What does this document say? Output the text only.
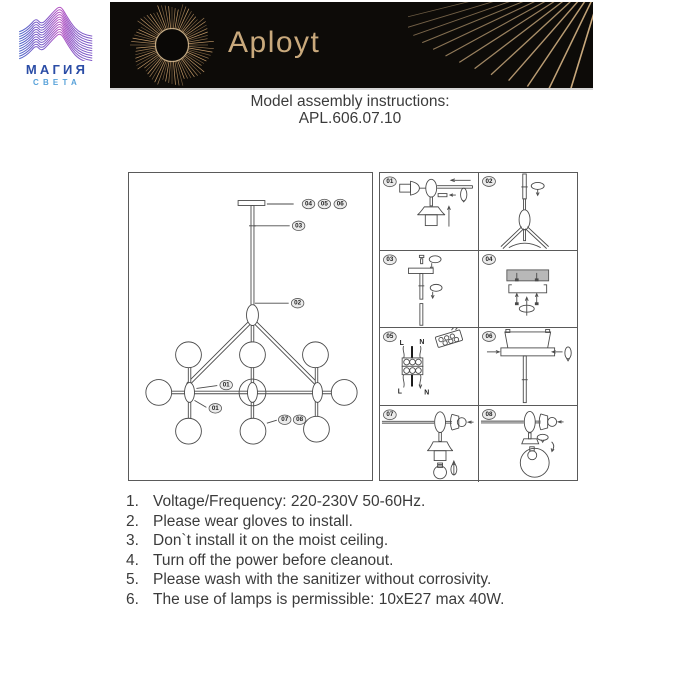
МАГИЯ
СВЕТА
Aployt
Model assembly instructions:
APL.606.07.10
04 05 06
03
02
01
01
07 08
01	02
03	04
L N
L	N
05	06
07	08
1. Voltage/Frequency: 220-230V 50-60Hz.
2. Please wear gloves to install.
3. Don`t install it on the moist ceiling.
4. Turn off the power before cleanout.
5. Please wash with the sanitizer without corrosivity.
6. The use of lamps is permissible: 10xE27 max 40W.
